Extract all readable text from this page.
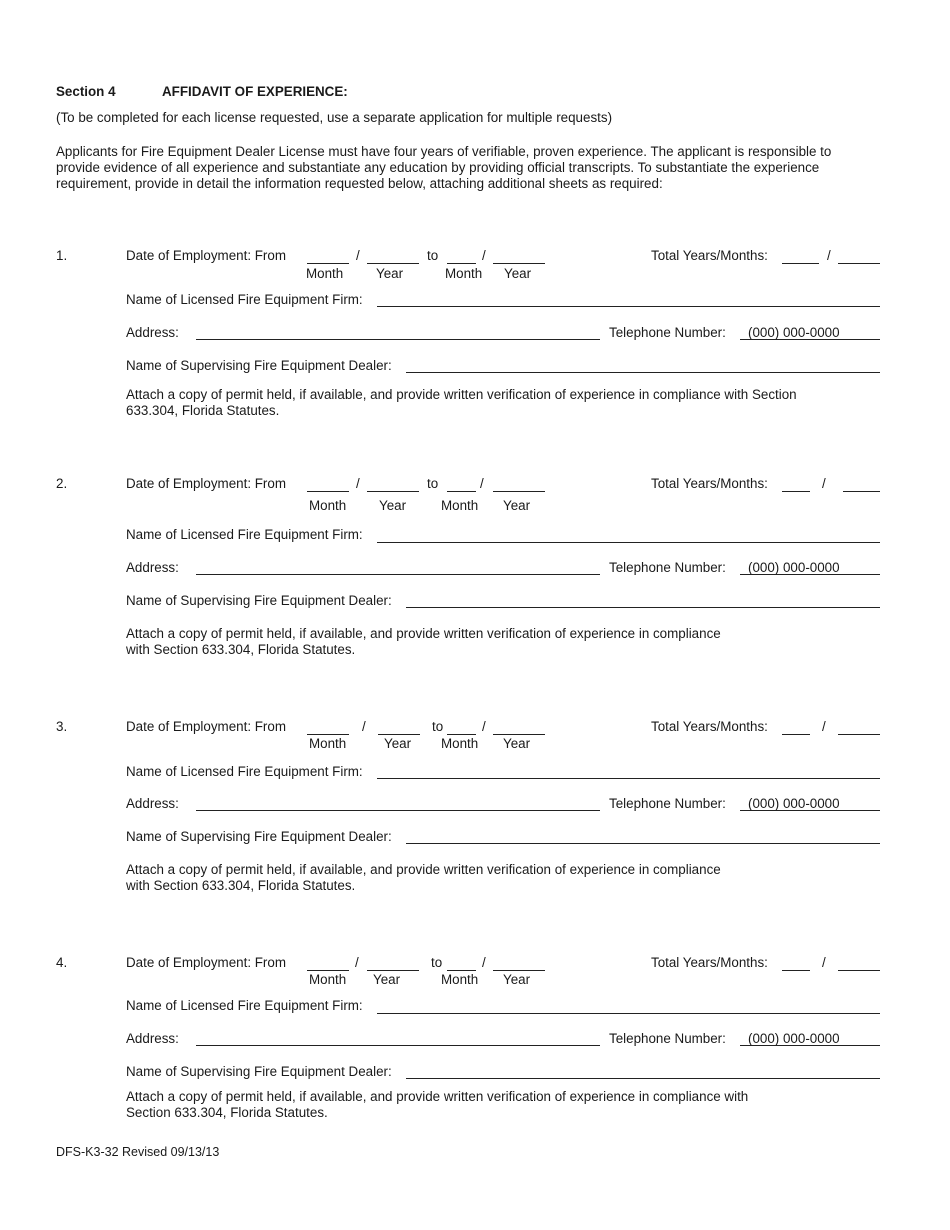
Section 4	AFFIDAVIT OF EXPERIENCE:
(To be completed for each license requested, use a separate application for multiple requests)
Applicants for Fire Equipment Dealer License must have four years of verifiable, proven experience. The applicant is responsible to provide evidence of all experience and substantiate any education by providing official transcripts. To substantiate the experience requirement, provide in detail the information requested below, attaching additional sheets as required:
1.	Date of Employment: From	/	to	/
Month Year	Month Year
Total Years/Months:	/
Name of Licensed Fire Equipment Firm:
Address:	Telephone Number: (000) 000-0000
Name of Supervising Fire Equipment Dealer:
Attach a copy of permit held, if available, and provide written verification of experience in compliance with Section
633.304, Florida Statutes.
2.	Date of Employment: From	/	to	/
Month Year	Month Year
Total Years/Months:	/
Name of Licensed Fire Equipment Firm:
Address:	Telephone Number: (000) 000-0000
Name of Supervising Fire Equipment Dealer:
Attach a copy of permit held, if available, and provide written verification of experience in compliance
with Section 633.304, Florida Statutes.
3.	Date of Employment: From	/	to	/
Month	Year Month Year
Total Years/Months:	/
Name of Licensed Fire Equipment Firm:
Address:	Telephone Number: (000) 000-0000
Name of Supervising Fire Equipment Dealer:
Attach a copy of permit held, if available, and provide written verification of experience in compliance
with Section 633.304, Florida Statutes.
4.	Date of Employment: From	/	to	/
Month Year	Month Year
Total Years/Months:	/
Name of Licensed Fire Equipment Firm:
Address:	Telephone Number: (000) 000-0000
Name of Supervising Fire Equipment Dealer:
Attach a copy of permit held, if available, and provide written verification of experience in compliance with
Section 633.304, Florida Statutes.
DFS-K3-32 Revised 09/13/13
